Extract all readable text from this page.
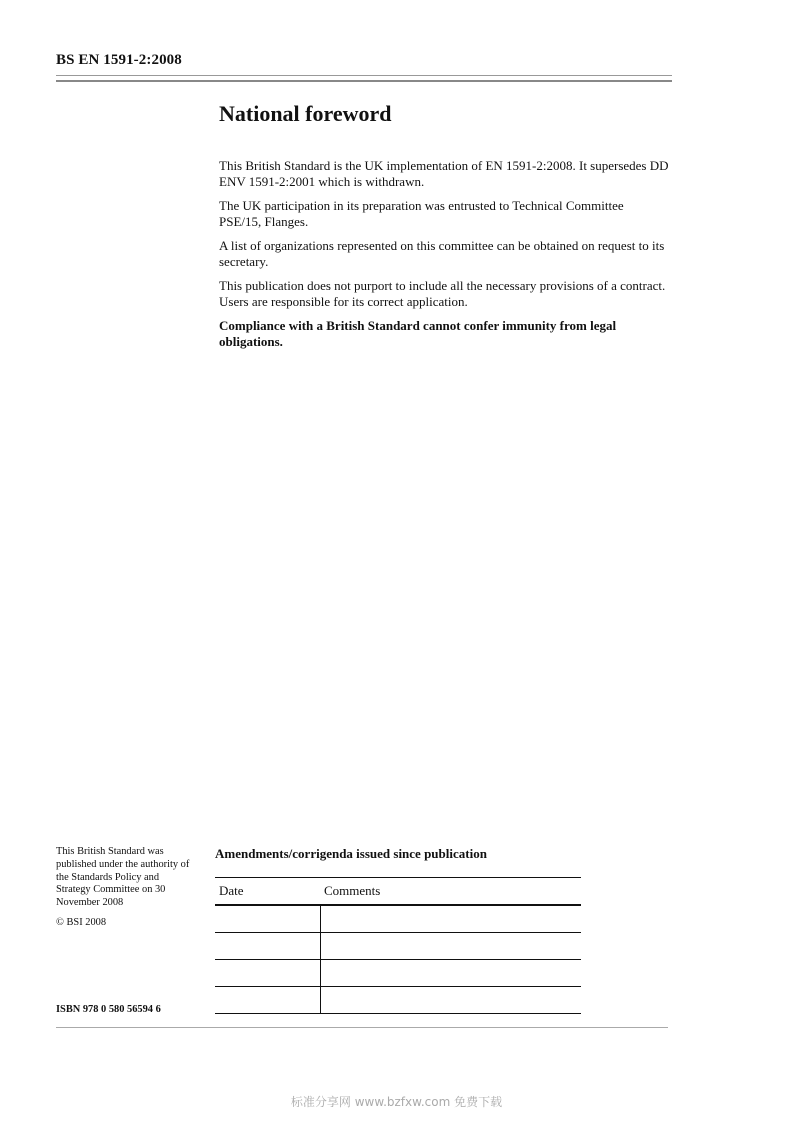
BS EN 1591-2:2008
National foreword

This British Standard is the UK implementation of EN 1591-2:2008. It supersedes DD ENV 1591-2:2001 which is withdrawn.

The UK participation in its preparation was entrusted to Technical Committee PSE/15, Flanges.

A list of organizations represented on this committee can be obtained on request to its secretary.

This publication does not purport to include all the necessary provisions of a contract. Users are responsible for its correct application.

Compliance with a British Standard cannot confer immunity from legal obligations.

This British Standard was published under the authority of the Standards Policy and Strategy Committee on 30 November 2008
© BSI 2008
ISBN 978 0 580 56594 6
Amendments/corrigenda issued since publication
Date	Comments

标准分享网 www.bzfxw.com 免费下载
